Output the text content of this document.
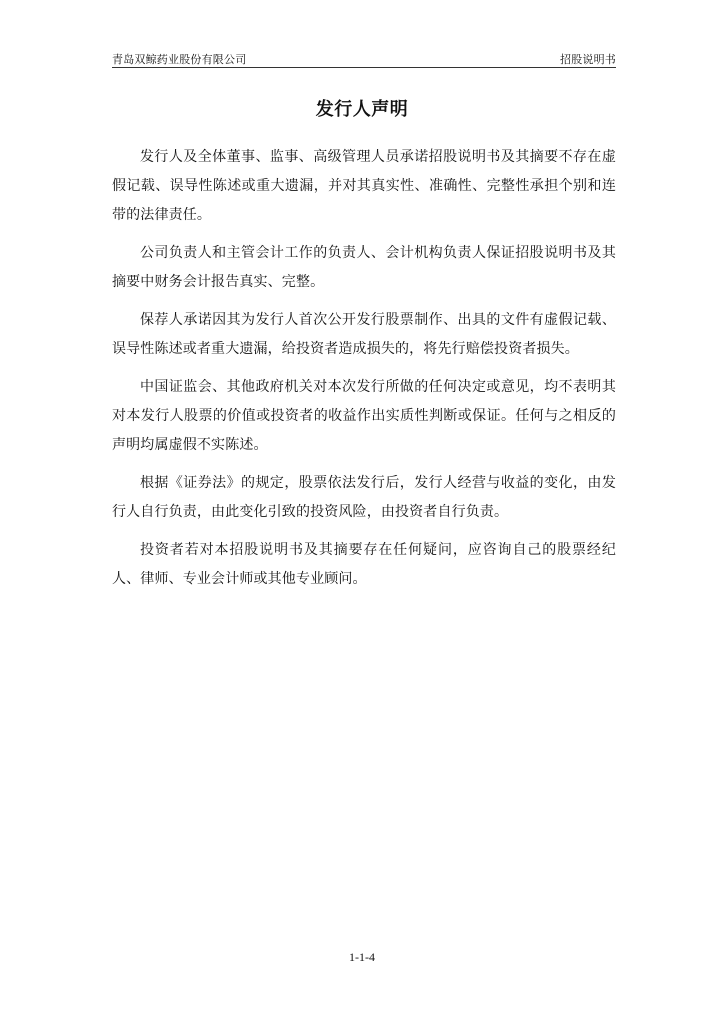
青岛双鲸药业股份有限公司	招股说明书
发行人声明

发行人及全体董事、监事、高级管理人员承诺招股说明书及其摘要不存在虚假记载、误导性陈述或重大遗漏，并对其真实性、准确性、完整性承担个别和连带的法律责任。

公司负责人和主管会计工作的负责人、会计机构负责人保证招股说明书及其摘要中财务会计报告真实、完整。

保荐人承诺因其为发行人首次公开发行股票制作、出具的文件有虚假记载、误导性陈述或者重大遗漏，给投资者造成损失的，将先行赔偿投资者损失。

中国证监会、其他政府机关对本次发行所做的任何决定或意见，均不表明其对本发行人股票的价值或投资者的收益作出实质性判断或保证。任何与之相反的声明均属虚假不实陈述。

根据《证券法》的规定，股票依法发行后，发行人经营与收益的变化，由发行人自行负责，由此变化引致的投资风险，由投资者自行负责。

投资者若对本招股说明书及其摘要存在任何疑问，应咨询自己的股票经纪人、律师、专业会计师或其他专业顾问。

1-1-4
